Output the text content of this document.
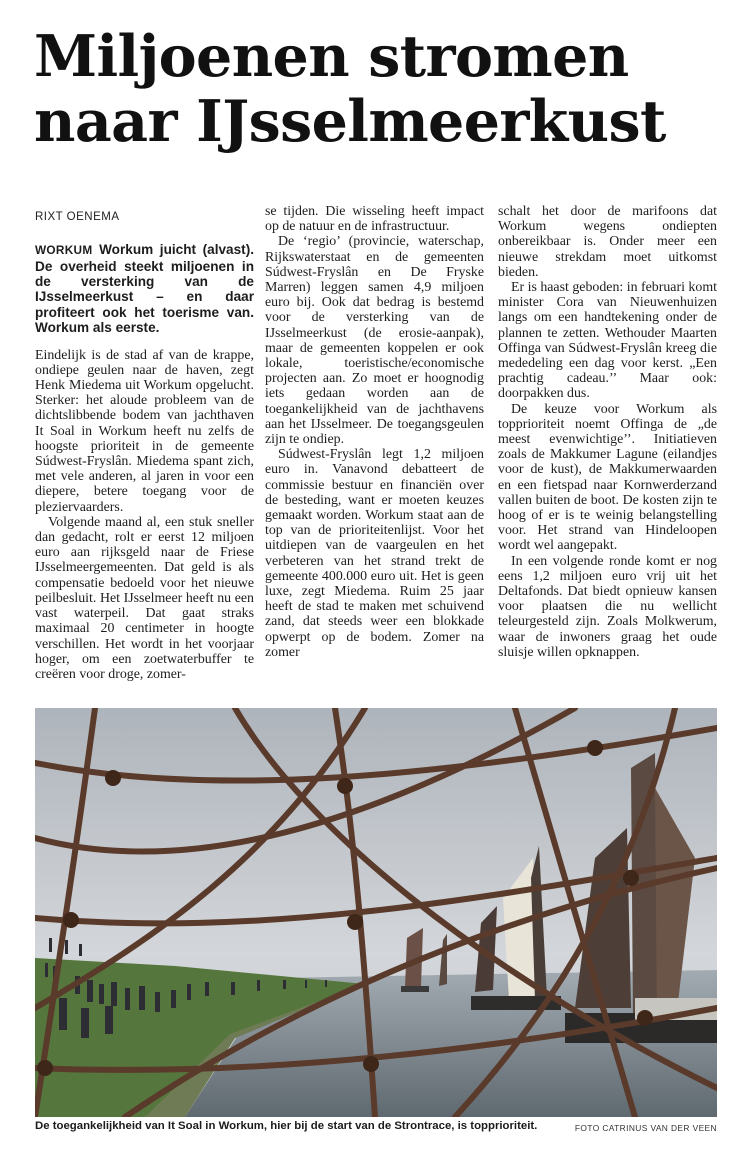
Miljoenen stromen
naar IJsselmeerkust
RIXT OENEMA

WORKUM Workum juicht (alvast). De overheid steekt miljoenen in de versterking van de IJsselmeerkust – en daar profiteert ook het toerisme van. Workum als eerste.

Eindelijk is de stad af van de krappe, ondiepe geulen naar de haven, zegt Henk Miedema uit Workum opgelucht. Sterker: het aloude probleem van de dichtslibbende bodem van jachthaven It Soal in Workum heeft nu zelfs de hoogste prioriteit in de gemeente Súdwest-Fryslân. Miedema spant zich, met vele anderen, al jaren in voor een diepere, betere toegang voor de pleziervaarders.

Volgende maand al, een stuk sneller dan gedacht, rolt er eerst 12 miljoen euro aan rijksgeld naar de Friese IJsselmeergemeenten. Dat geld is als compensatie bedoeld voor het nieuwe peilbesluit. Het IJsselmeer heeft nu een vast waterpeil. Dat gaat straks maximaal 20 centimeter in hoogte verschillen. Het wordt in het voorjaar hoger, om een zoetwaterbuffer te creëren voor droge, zomer-

se tijden. Die wisseling heeft impact op de natuur en de infrastructuur.

De ‘regio’ (provincie, waterschap, Rijkswaterstaat en de gemeenten Súdwest-Fryslân en De Fryske Marren) leggen samen 4,9 miljoen euro bij. Ook dat bedrag is bestemd voor de versterking van de IJsselmeerkust (de erosie-aanpak), maar de gemeenten koppelen er ook lokale, toeristische/economische projecten aan. Zo moet er hoognodig iets gedaan worden aan de toegankelijkheid van de jachthavens aan het IJsselmeer. De toegangsgeulen zijn te ondiep.

Súdwest-Fryslân legt 1,2 miljoen euro in. Vanavond debatteert de commissie bestuur en financiën over de besteding, want er moeten keuzes gemaakt worden. Workum staat aan de top van de prioriteitenlijst. Voor het uitdiepen van de vaargeulen en het verbeteren van het strand trekt de gemeente 400.000 euro uit. Het is geen luxe, zegt Miedema. Ruim 25 jaar heeft de stad te maken met schuivend zand, dat steeds weer een blokkade opwerpt op de bodem. Zomer na zomer

schalt het door de marifoons dat Workum wegens ondiepten onbereikbaar is. Onder meer een nieuwe strekdam moet uitkomst bieden.

Er is haast geboden: in februari komt minister Cora van Nieuwenhuizen langs om een handtekening onder de plannen te zetten. Wethouder Maarten Offinga van Súdwest-Fryslân kreeg die mededeling een dag voor kerst. „Een prachtig cadeau.’’ Maar ook: doorpakken dus.

De keuze voor Workum als topprioriteit noemt Offinga de „de meest evenwichtige’’. Initiatieven zoals de Makkumer Lagune (eilandjes voor de kust), de Makkumerwaarden en een fietspad naar Kornwerderzand vallen buiten de boot. De kosten zijn te hoog of er is te weinig belangstelling voor. Het strand van Hindeloopen wordt wel aangepakt.

In een volgende ronde komt er nog eens 1,2 miljoen euro vrij uit het Deltafonds. Dat biedt opnieuw kansen voor plaatsen die nu wellicht teleurgesteld zijn. Zoals Molkwerum, waar de inwoners graag het oude sluisje willen opknappen.

De toegankelijkheid van It Soal in Workum, hier bij de start van de Strontrace, is topprioriteit.	FOTO CATRINUS VAN DER VEEN
